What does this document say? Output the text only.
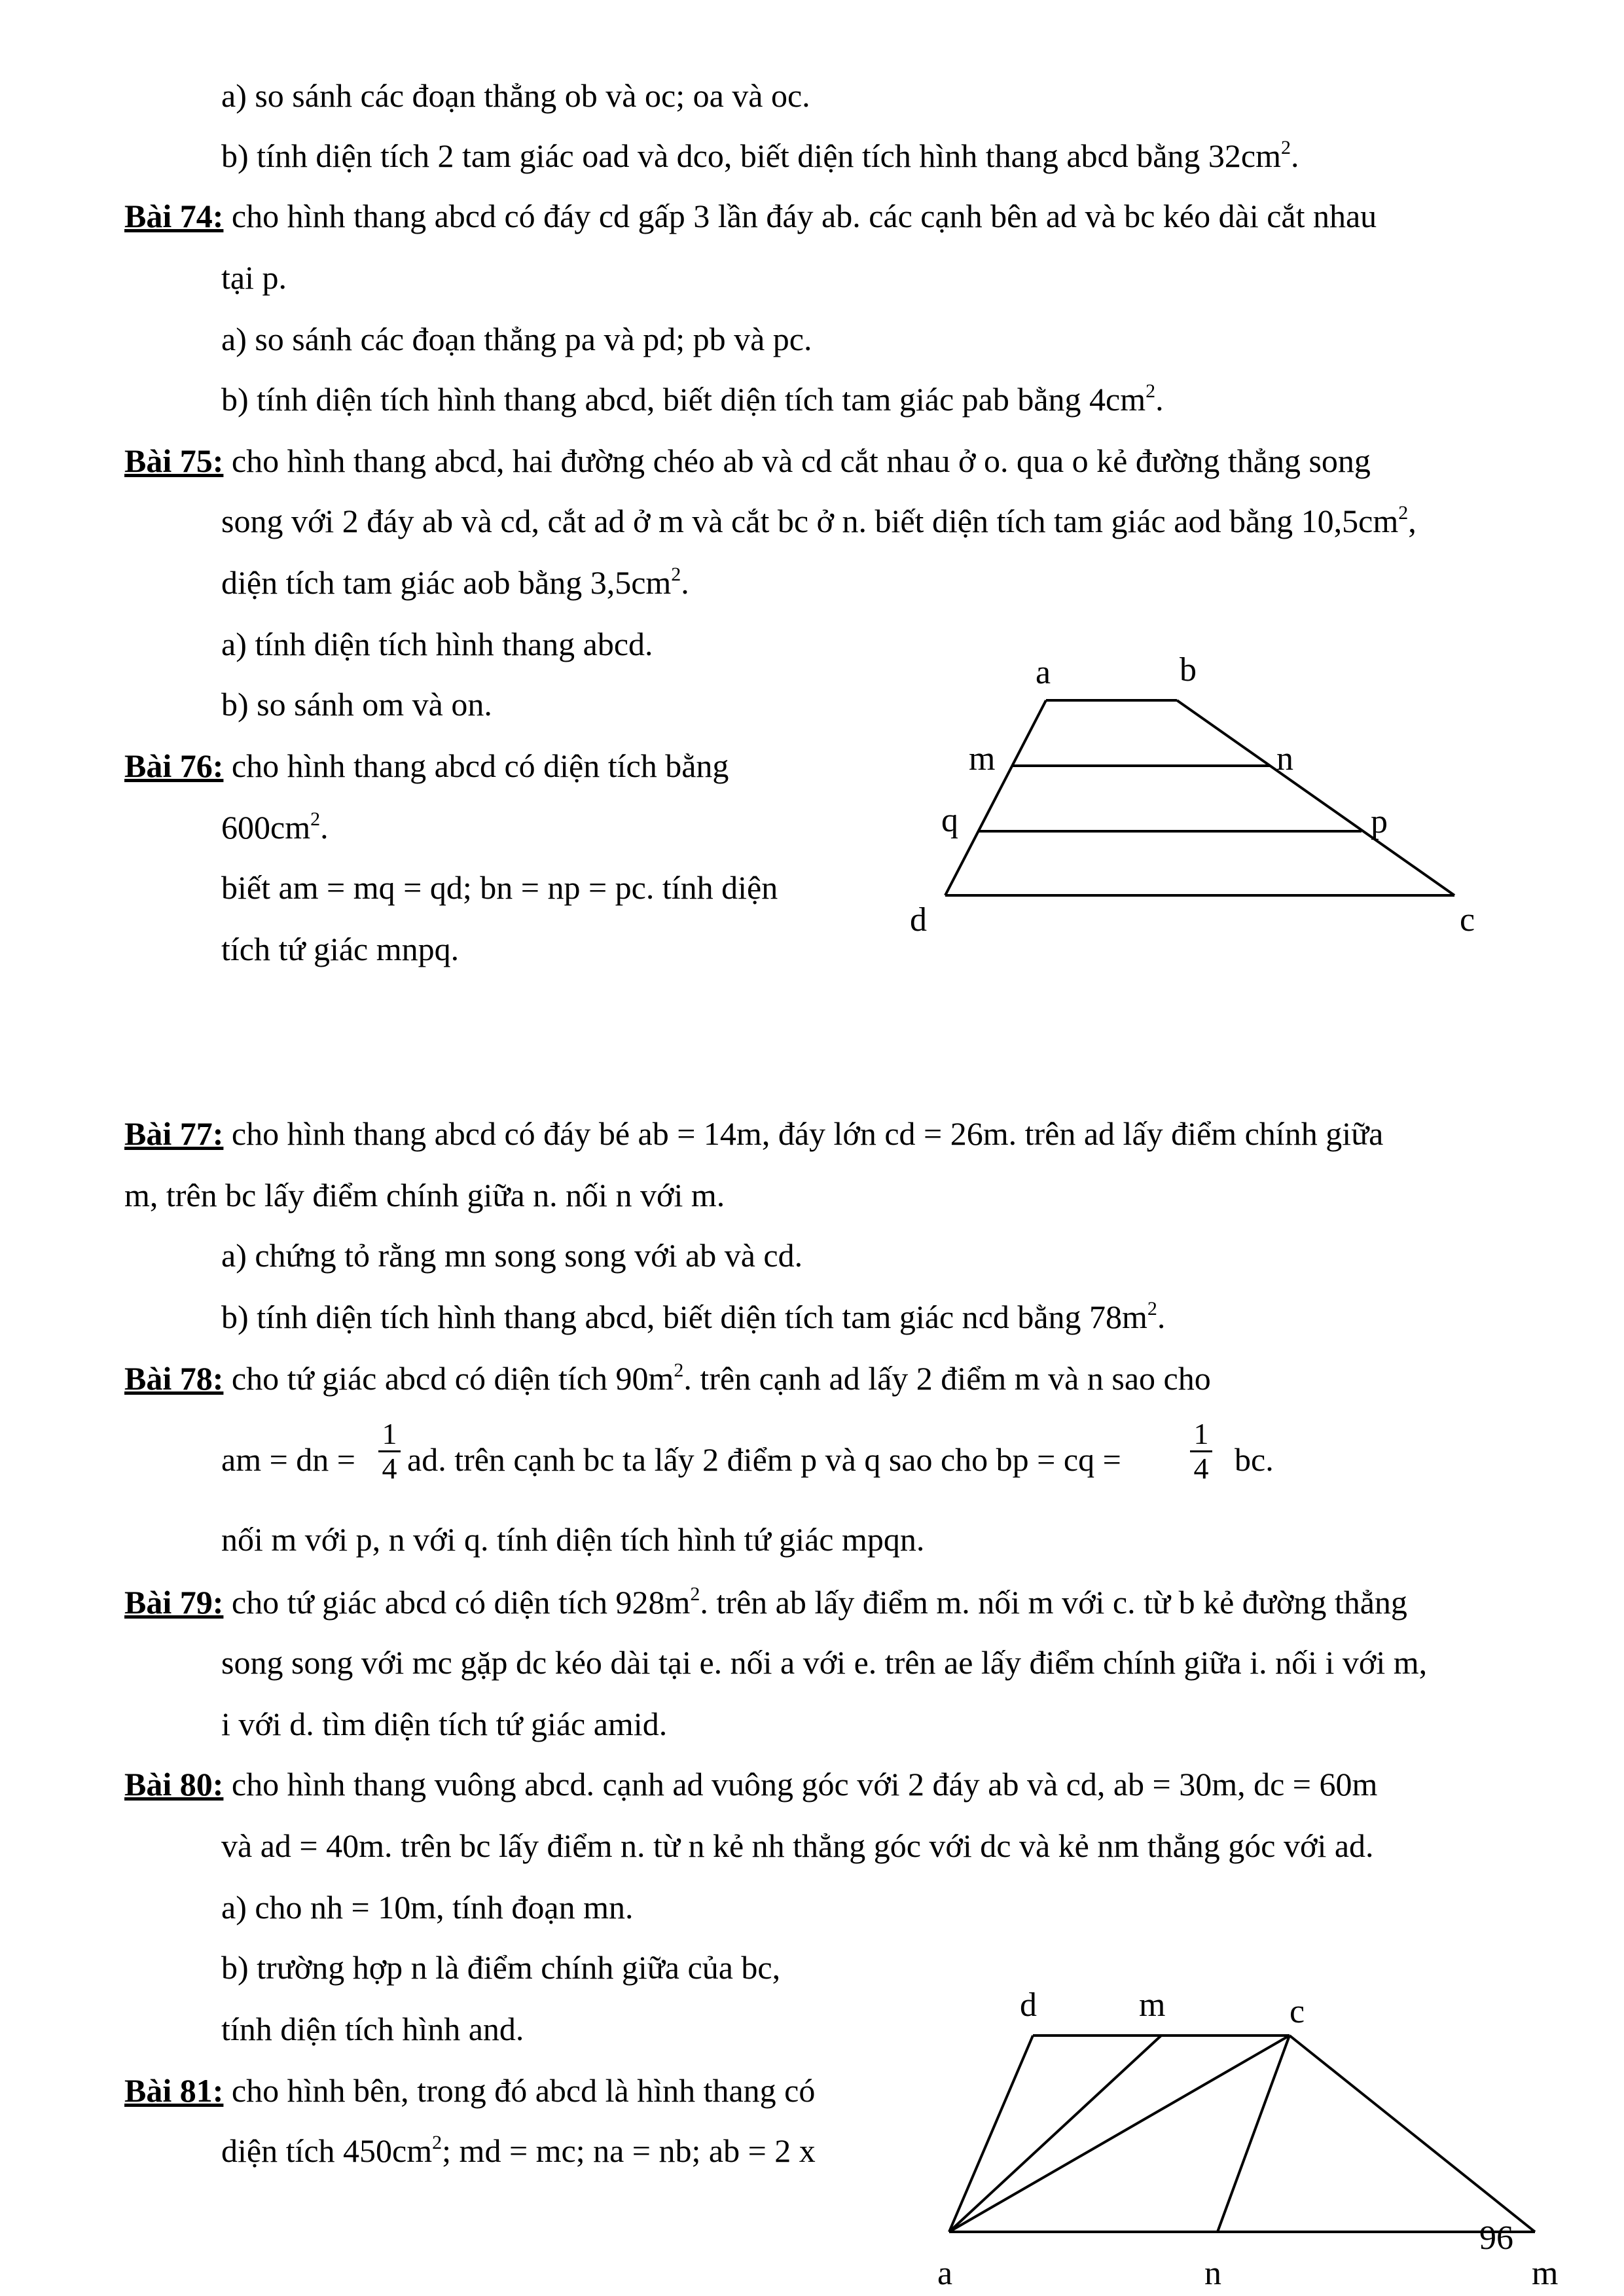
a) so sánh các đoạn thẳng ob và oc; oa và oc.
b) tính diện tích 2 tam giác oad và dco, biết diện tích hình thang abcd bằng $32cm^2$.
Bài 74: cho hình thang abcd có đáy cd gấp 3 lần đáy ab. các cạnh bên ad và bc kéo dài cắt nhau
tại p.
a) so sánh các đoạn thẳng pa và pd; pb và pc.
b) tính diện tích hình thang abcd, biết diện tích tam giác pab bằng $4cm^2$.
Bài 75: cho hình thang abcd, hai đường chéo ab và cd cắt nhau ở o. qua o kẻ đường thẳng song
song với 2 đáy ab và cd, cắt ad ở m và cắt bc ở n. biết diện tích tam giác aod bằng $10,5cm^2$,
diện tích tam giác aob bằng $3,5cm^2$.
a) tính diện tích hình thang abcd.
b) so sánh om và on.
Bài 76: cho hình thang abcd có diện tích bằng
$600cm^2$.
biết am = mq = qd; bn = np = pc. tính diện
tích tứ giác mnpq.
a	b
m	n
q	p
d	c
Bài 77: cho hình thang abcd có đáy bé ab = 14m, đáy lớn cd = 26m. trên ad lấy điểm chính giữa
m, trên bc lấy điểm chính giữa n. nối n với m.
a) chứng tỏ rằng mn song song với ab và cd.
b) tính diện tích hình thang abcd, biết diện tích tam giác ncd bằng $78m^2$.
Bài 78: cho tứ giác abcd có diện tích $90m^2$. trên cạnh ad lấy 2 điểm m và n sao cho
am = dn =
1
4 ad. trên cạnh bc ta lấy 2 điểm p và q sao cho bp = cq =
1
4 bc.
nối m với p, n với q. tính diện tích hình tứ giác mpqn.
Bài 79: cho tứ giác abcd có diện tích $928m^2$. trên ab lấy điểm m. nối m với c. từ b kẻ đường thẳng
song song với mc gặp dc kéo dài tại e. nối a với e. trên ae lấy điểm chính giữa i. nối i với m,
i với d. tìm diện tích tứ giác amid.
Bài 80: cho hình thang vuông abcd. cạnh ad vuông góc với 2 đáy ab và cd, ab = 30m, dc = 60m
và ad = 40m. trên bc lấy điểm n. từ n kẻ nh thẳng góc với dc và kẻ nm thẳng góc với ad.
a) cho nh = 10m, tính đoạn mn.
b) trường hợp n là điểm chính giữa của bc,
tính diện tích hình and.
Bài 81: cho hình bên, trong đó abcd là hình thang có
diện tích $450cm^2$; md = mc; na = nb; ab = 2 x
d	m	c
a	n	m
96
